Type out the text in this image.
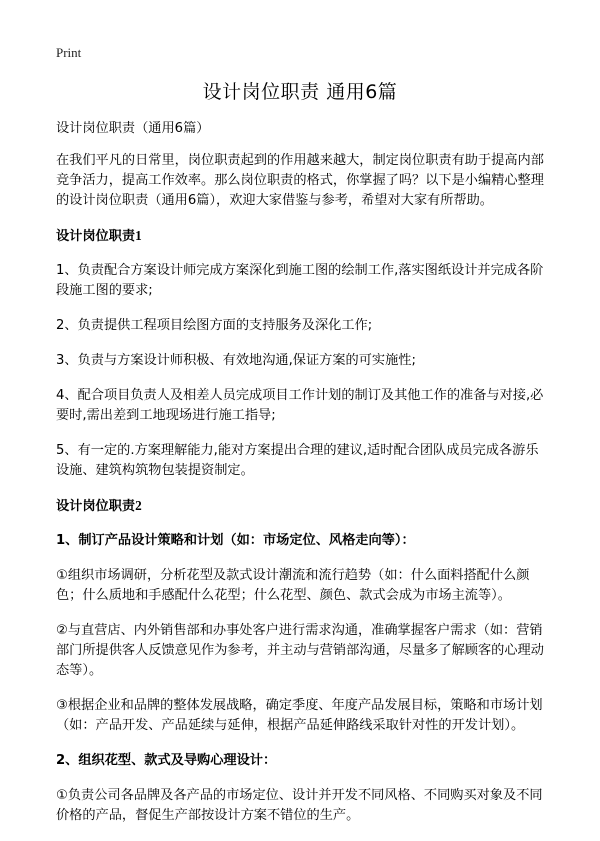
Print
设计岗位职责 通用6篇

设计岗位职责（通用6篇）

在我们平凡的日常里，岗位职责起到的作用越来越大，制定岗位职责有助于提高内部竞争活力，提高工作效率。那么岗位职责的格式，你掌握了吗？以下是小编精心整理的设计岗位职责（通用6篇），欢迎大家借鉴与参考，希望对大家有所帮助。

设计岗位职责1

1、负责配合方案设计师完成方案深化到施工图的绘制工作,落实图纸设计并完成各阶段施工图的要求;

2、负责提供工程项目绘图方面的支持服务及深化工作;

3、负责与方案设计师积极、有效地沟通,保证方案的可实施性;

4、配合项目负责人及相差人员完成项目工作计划的制订及其他工作的准备与对接,必要时,需出差到工地现场进行施工指导;

5、有一定的.方案理解能力,能对方案提出合理的建议,适时配合团队成员完成各游乐设施、建筑构筑物包装提资制定。

设计岗位职责2

1、制订产品设计策略和计划（如：市场定位、风格走向等）：

①组织市场调研，分析花型及款式设计潮流和流行趋势（如：什么面料搭配什么颜色；什么质地和手感配什么花型；什么花型、颜色、款式会成为市场主流等）。

②与直营店、内外销售部和办事处客户进行需求沟通，准确掌握客户需求（如：营销部门所提供客人反馈意见作为参考，并主动与营销部沟通，尽量多了解顾客的心理动态等）。

③根据企业和品牌的整体发展战略，确定季度、年度产品发展目标，策略和市场计划（如：产品开发、产品延续与延伸，根据产品延伸路线采取针对性的开发计划）。

2、组织花型、款式及导购心理设计：

①负责公司各品牌及各产品的市场定位、设计并开发不同风格、不同购买对象及不同价格的产品，督促生产部按设计方案不错位的生产。
